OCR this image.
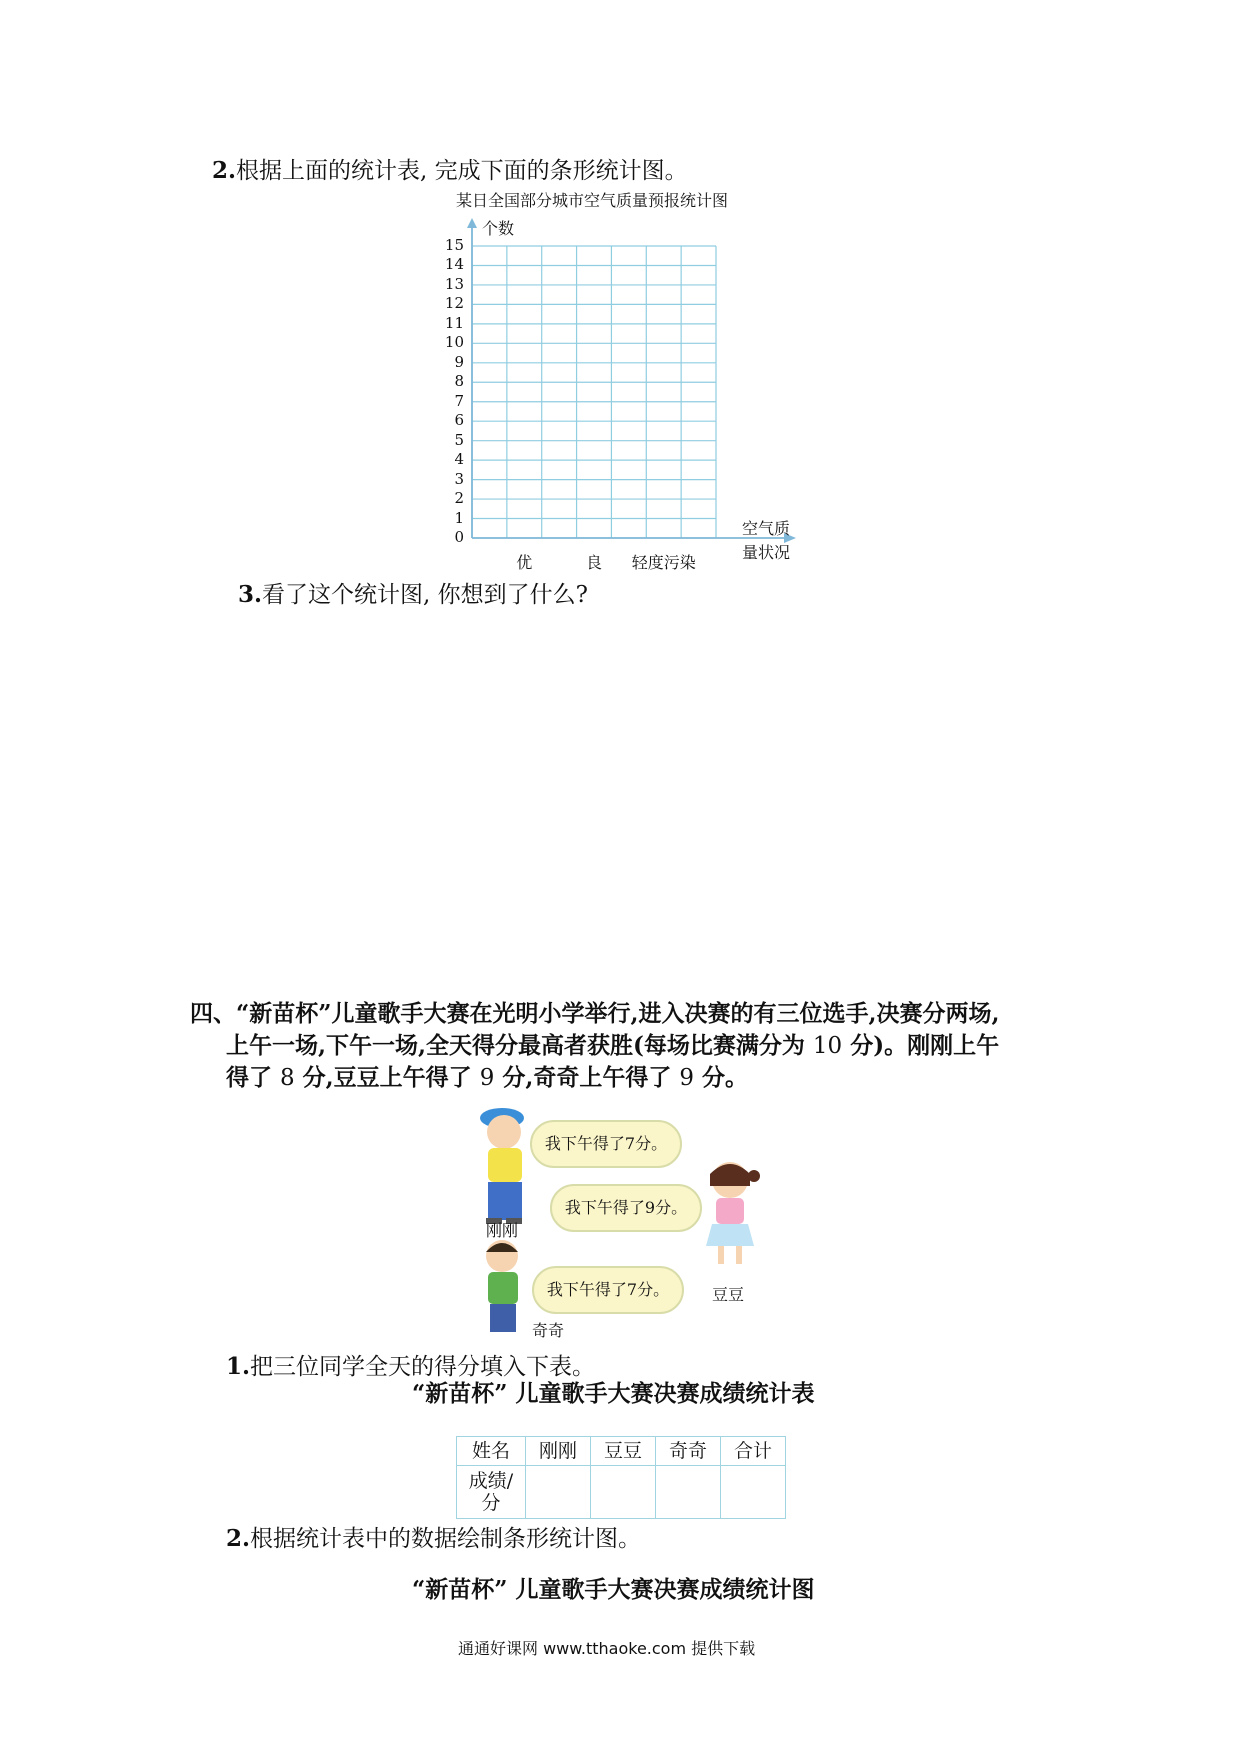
2.根据上面的统计表, 完成下面的条形统计图。
某日全国部分城市空气质量预报统计图
个数
0
1
2
3
4
5
6
7
8
9
10
11
12
13
14
15
优	良 轻度污染
空气质
量状况
3.看了这个统计图, 你想到了什么?
四、“新苗杯”儿童歌手大赛在光明小学举行,进入决赛的有三位选手,决赛分两场,
上午一场,下午一场,全天得分最高者获胜(每场比赛满分为 10 分)。刚刚上午
得了 8 分,豆豆上午得了 9 分,奇奇上午得了 9 分。
我下午得了7分。
我下午得了9分。
我下午得了7分。
刚刚
豆豆
奇奇
1.把三位同学全天的得分填入下表。
“新苗杯” 儿童歌手大赛决赛成绩统计表
姓名	刚刚	豆豆	奇奇	合计
成绩/
分				
2.根据统计表中的数据绘制条形统计图。
“新苗杯” 儿童歌手大赛决赛成绩统计图
通通好课网 www.tthaoke.com 提供下载
